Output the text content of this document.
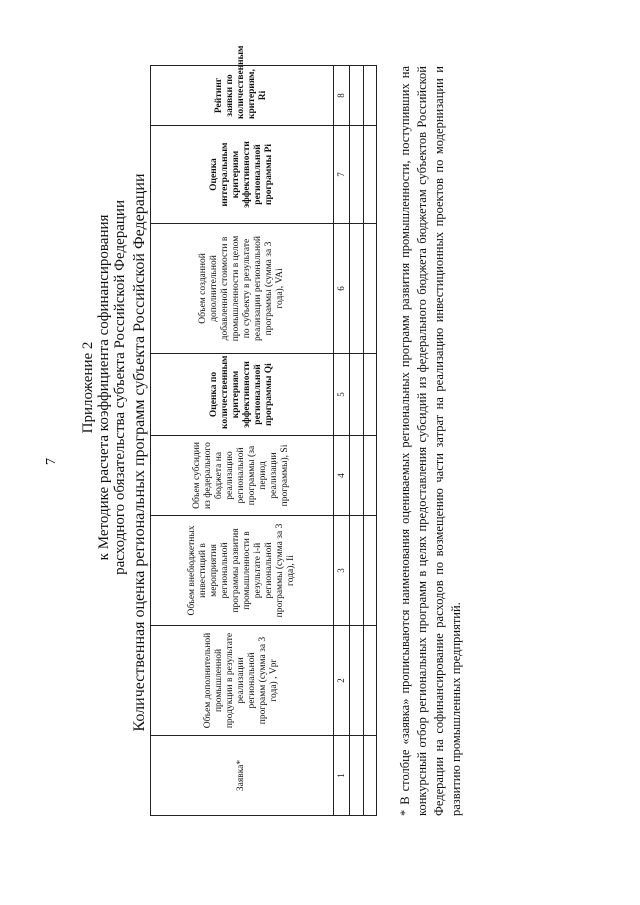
7
Приложение 2 к Методике расчета коэффициента софинансирования расходного обязательства субъекта Российской Федерации Количественная оценка региональных программ субъекта Российской Федерации
Заявка*	Объем дополнительной промышленной продукции в результате реализации региональной программ (сумма за 3 года) , Vpr	Объем внебюджетных инвестиций в мероприятия региональной программы развития промышленности в результате i-й региональной программы (сумма за 3 года), Ii	Объем субсидии из федерального бюджета на реализацию региональной программы (за период реализации программы), Si	Оценка по количественным критериям эффективности региональной программы Qi	Объем созданной дополнительной добавленной стоимости в промышленности в целом по субъекту в результате реализации региональной программы (сумма за 3 года), VAi	Оценка интегральным критериям эффективности региональной программы Pi	Рейтинг заявки по количественным критериям, Ri
1	2	3	4	5	6	7	8

								* В столбце «заявка» прописываются наименования оцениваемых региональных программ развития промышленности, поступивших на конкурсный отбор региональных программ в целях предоставления субсидий из федерального бюджета бюджетам субъектов Российской Федерации на софинансирование расходов по возмещению части затрат на реализацию инвестиционных проектов по модернизации и развитию промышленных предприятий.
